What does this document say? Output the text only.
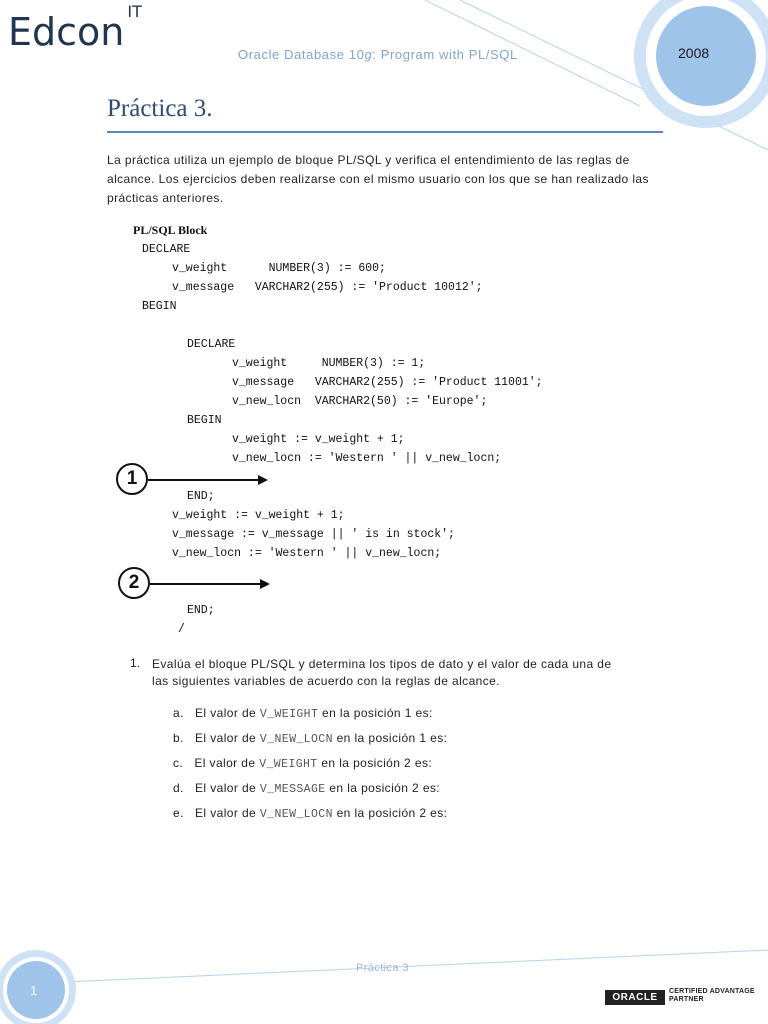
Edcon $^{IT}$
Oracle Database 10g: Program with PL/SQL	2008
Práctica 3.
La práctica utiliza un ejemplo de bloque PL/SQL y verifica el entendimiento de las reglas de alcance. Los ejercicios deben realizarse con el mismo usuario con los que se han realizado las prácticas anteriores.
PL/SQL Block
DECLARE
v_weight      NUMBER(3) := 600;
v_message   VARCHAR2(255) := 'Product 10012';
BEGIN
DECLARE
v_weight     NUMBER(3) := 1;
v_message   VARCHAR2(255) := 'Product 11001';
v_new_locn  VARCHAR2(50) := 'Europe';
BEGIN
v_weight := v_weight + 1;
v_new_locn := 'Western ' || v_new_locn;
1
END;
v_weight := v_weight + 1;
v_message := v_message || ' is in stock';
v_new_locn := 'Western ' || v_new_locn;
2
END;
/
1. Evalúa el bloque PL/SQL y determina los tipos de dato y el valor de cada una de
las siguientes variables de acuerdo con la reglas de alcance.
a. El valor de V_WEIGHT en la posición 1 es:
b. El valor de V_NEW_LOCN en la posición 1 es:
c. El valor de V_WEIGHT en la posición 2 es:
d. El valor de V_MESSAGE en la posición 2 es:
e. El valor de V_NEW_LOCN en la posición 2 es:
Práctica 3
1	ORACLE
CERTIFIED ADVANTAGE
PARTNER
